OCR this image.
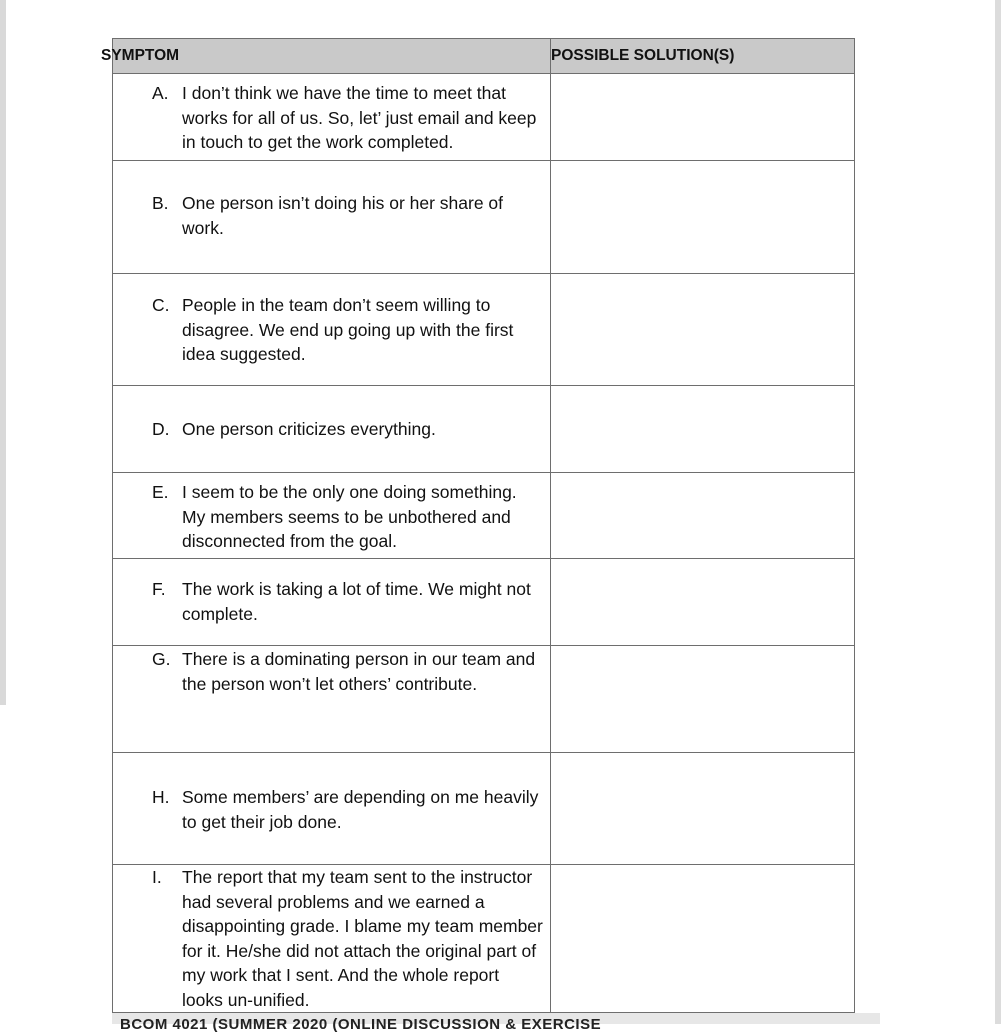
SYMPTOM	POSSIBLE SOLUTION(S)

A. I don’t think we have the time to meet that works for all of us. So, let’ just email and keep in touch to get the work completed.	

B. One person isn’t doing his or her share of work.	

C. People in the team don’t seem willing to disagree. We end up going up with the first idea suggested.	

D. One person criticizes everything.	

E. I seem to be the only one doing something. My members seems to be unbothered and disconnected from the goal.	

F. The work is taking a lot of time. We might not complete.	

G. There is a dominating person in our team and the person won’t let others’ contribute.	

H. Some members’ are depending on me heavily to get their job done.	

I. The report that my team sent to the instructor had several problems and we earned a disappointing grade. I blame my team member for it. He/she did not attach the original part of my work that I sent. And the whole report looks un-unified.	

BCOM 4021 (SUMMER 2020 (ONLINE DISCUSSION & EXERCISE
